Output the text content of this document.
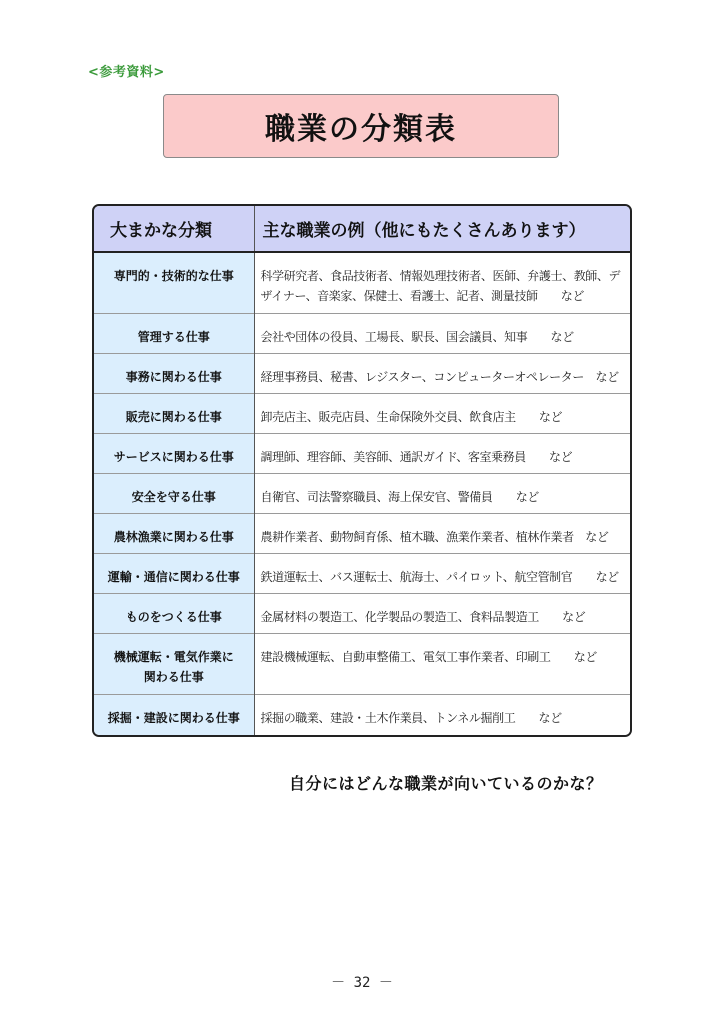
<参考資料>
職業の分類表
大まかな分類	主な職業の例（他にもたくさんあります）
専門的・技術的な仕事	科学研究者、食品技術者、情報処理技術者、医師、弁護士、教師、デザイナー、音楽家、保健士、看護士、記者、測量技師　　など
管理する仕事	会社や団体の役員、工場長、駅長、国会議員、知事　　など
事務に関わる仕事	経理事務員、秘書、レジスター、コンピューターオペレーター　など
販売に関わる仕事	卸売店主、販売店員、生命保険外交員、飲食店主　　など
サービスに関わる仕事	調理師、理容師、美容師、通訳ガイド、客室乗務員　　など
安全を守る仕事	自衛官、司法警察職員、海上保安官、警備員　　など
農林漁業に関わる仕事	農耕作業者、動物飼育係、植木職、漁業作業者、植林作業者　など
運輸・通信に関わる仕事	鉄道運転士、バス運転士、航海士、パイロット、航空管制官　　など
ものをつくる仕事	金属材料の製造工、化学製品の製造工、食料品製造工　　など

機械運転・電気作業に
関わる仕事	建設機械運転、自動車整備工、電気工事作業者、印刷工　　など
採掘・建設に関わる仕事	採掘の職業、建設・土木作業員、トンネル掘削工　　など
自分にはどんな職業が向いているのかな？
－ 32 －
